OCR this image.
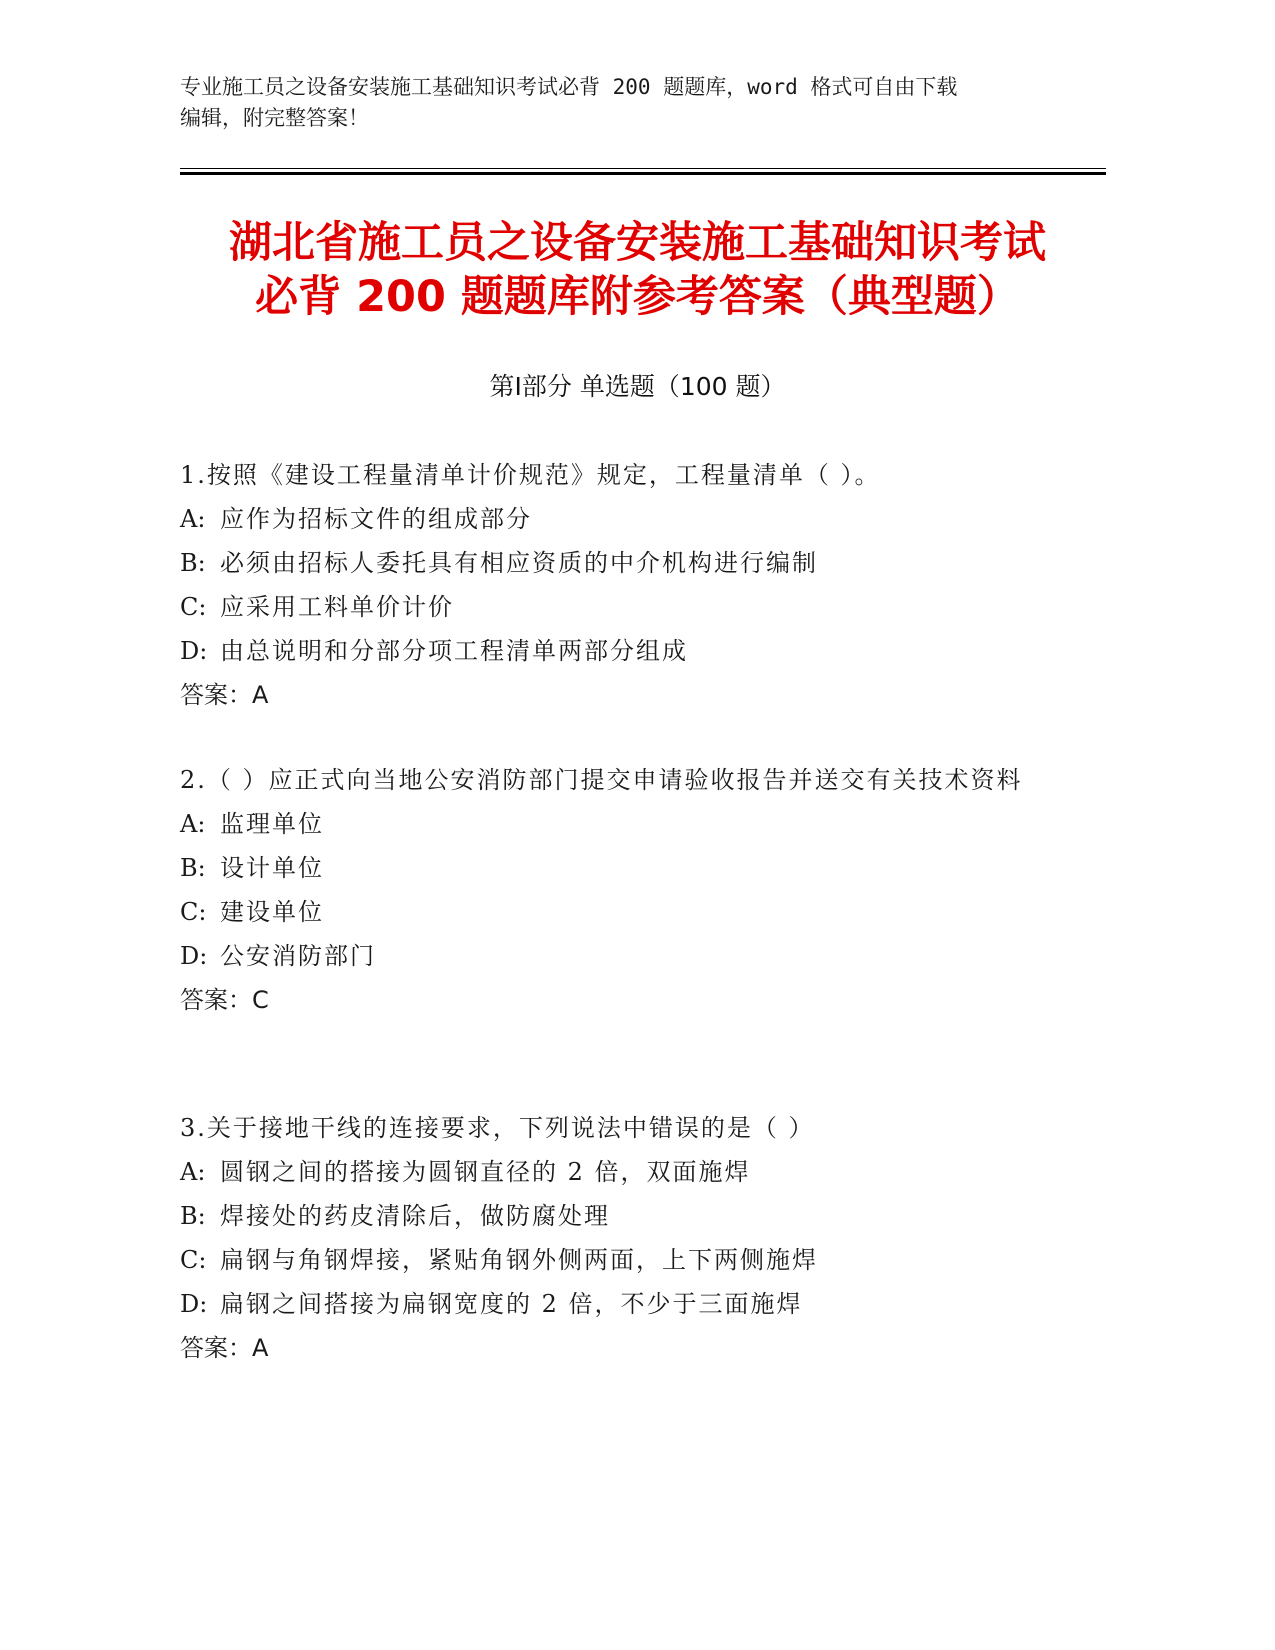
专业施工员之设备安装施工基础知识考试必背 200 题题库，word 格式可自由下载
编辑，附完整答案！
湖北省施工员之设备安装施工基础知识考试
必背 200 题题库附参考答案（典型题）
第Ⅰ部分 单选题（100 题）
1.按照《建设工程量清单计价规范》规定，工程量清单（ ）。
A: 应作为招标文件的组成部分
B: 必须由招标人委托具有相应资质的中介机构进行编制
C: 应采用工料单价计价
D: 由总说明和分部分项工程清单两部分组成
答案：A
2.（ ）应正式向当地公安消防部门提交申请验收报告并送交有关技术资料
A: 监理单位
B: 设计单位
C: 建设单位
D: 公安消防部门
答案：C
3.关于接地干线的连接要求，下列说法中错误的是（ ）
A: 圆钢之间的搭接为圆钢直径的 2 倍，双面施焊
B: 焊接处的药皮清除后，做防腐处理
C: 扁钢与角钢焊接，紧贴角钢外侧两面，上下两侧施焊
D: 扁钢之间搭接为扁钢宽度的 2 倍，不少于三面施焊
答案：A
